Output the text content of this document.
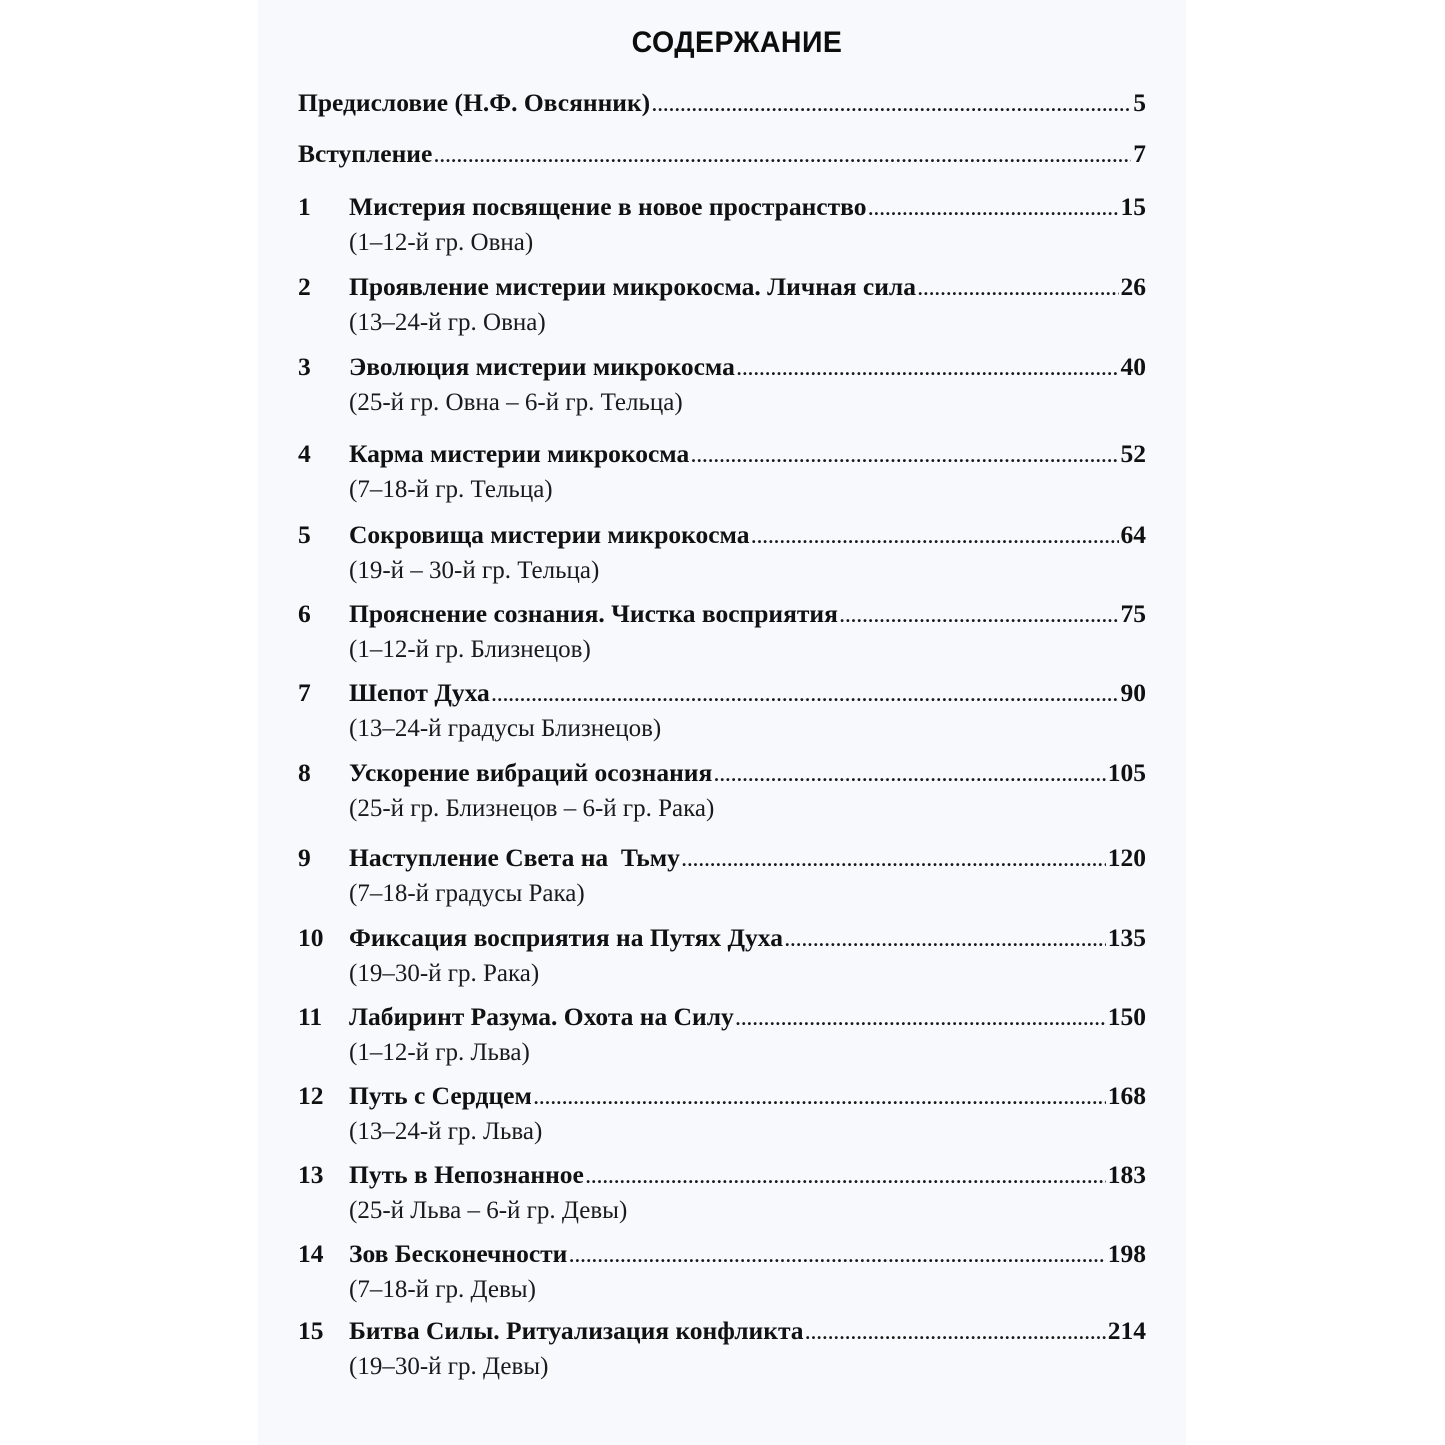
СОДЕРЖАНИЕ
Предисловие (Н.Ф. Овсянник) .....	5
Вступление .....	7
1	Мистерия посвящение в новое пространство .....	15
(1–12-й гр. Овна)
2	Проявление мистерии микрокосма. Личная сила .....	26
(13–24-й гр. Овна)
3	Эволюция мистерии микрокосма .....	40
(25-й гр. Овна – 6-й гр. Тельца)
4	Карма мистерии микрокосма .....	52
(7–18-й гр. Тельца)
5	Сокровища мистерии микрокосма .....	64
(19-й – 30-й гр. Тельца)
6	Прояснение сознания. Чистка восприятия .....	75
(1–12-й гр. Близнецов)
7	Шепот Духа .....	90
(13–24-й градусы Близнецов)
8	Ускорение вибраций осознания .....	105
(25-й гр. Близнецов – 6-й гр. Рака)
9	Наступление Света на  Тьму .....	120
(7–18-й градусы Рака)
10	Фиксация восприятия на Путях Духа .....	135
(19–30-й гр. Рака)
11	Лабиринт Разума. Охота на Силу .....	150
(1–12-й гр. Льва)
12	Путь с Сердцем .....	168
(13–24-й гр. Льва)
13	Путь в Непознанное .....	183
(25-й Льва – 6-й гр. Девы)
14	Зов Бесконечности .....	198
(7–18-й гр. Девы)
15	Битва Силы. Ритуализация конфликта .....	214
(19–30-й гр. Девы)
